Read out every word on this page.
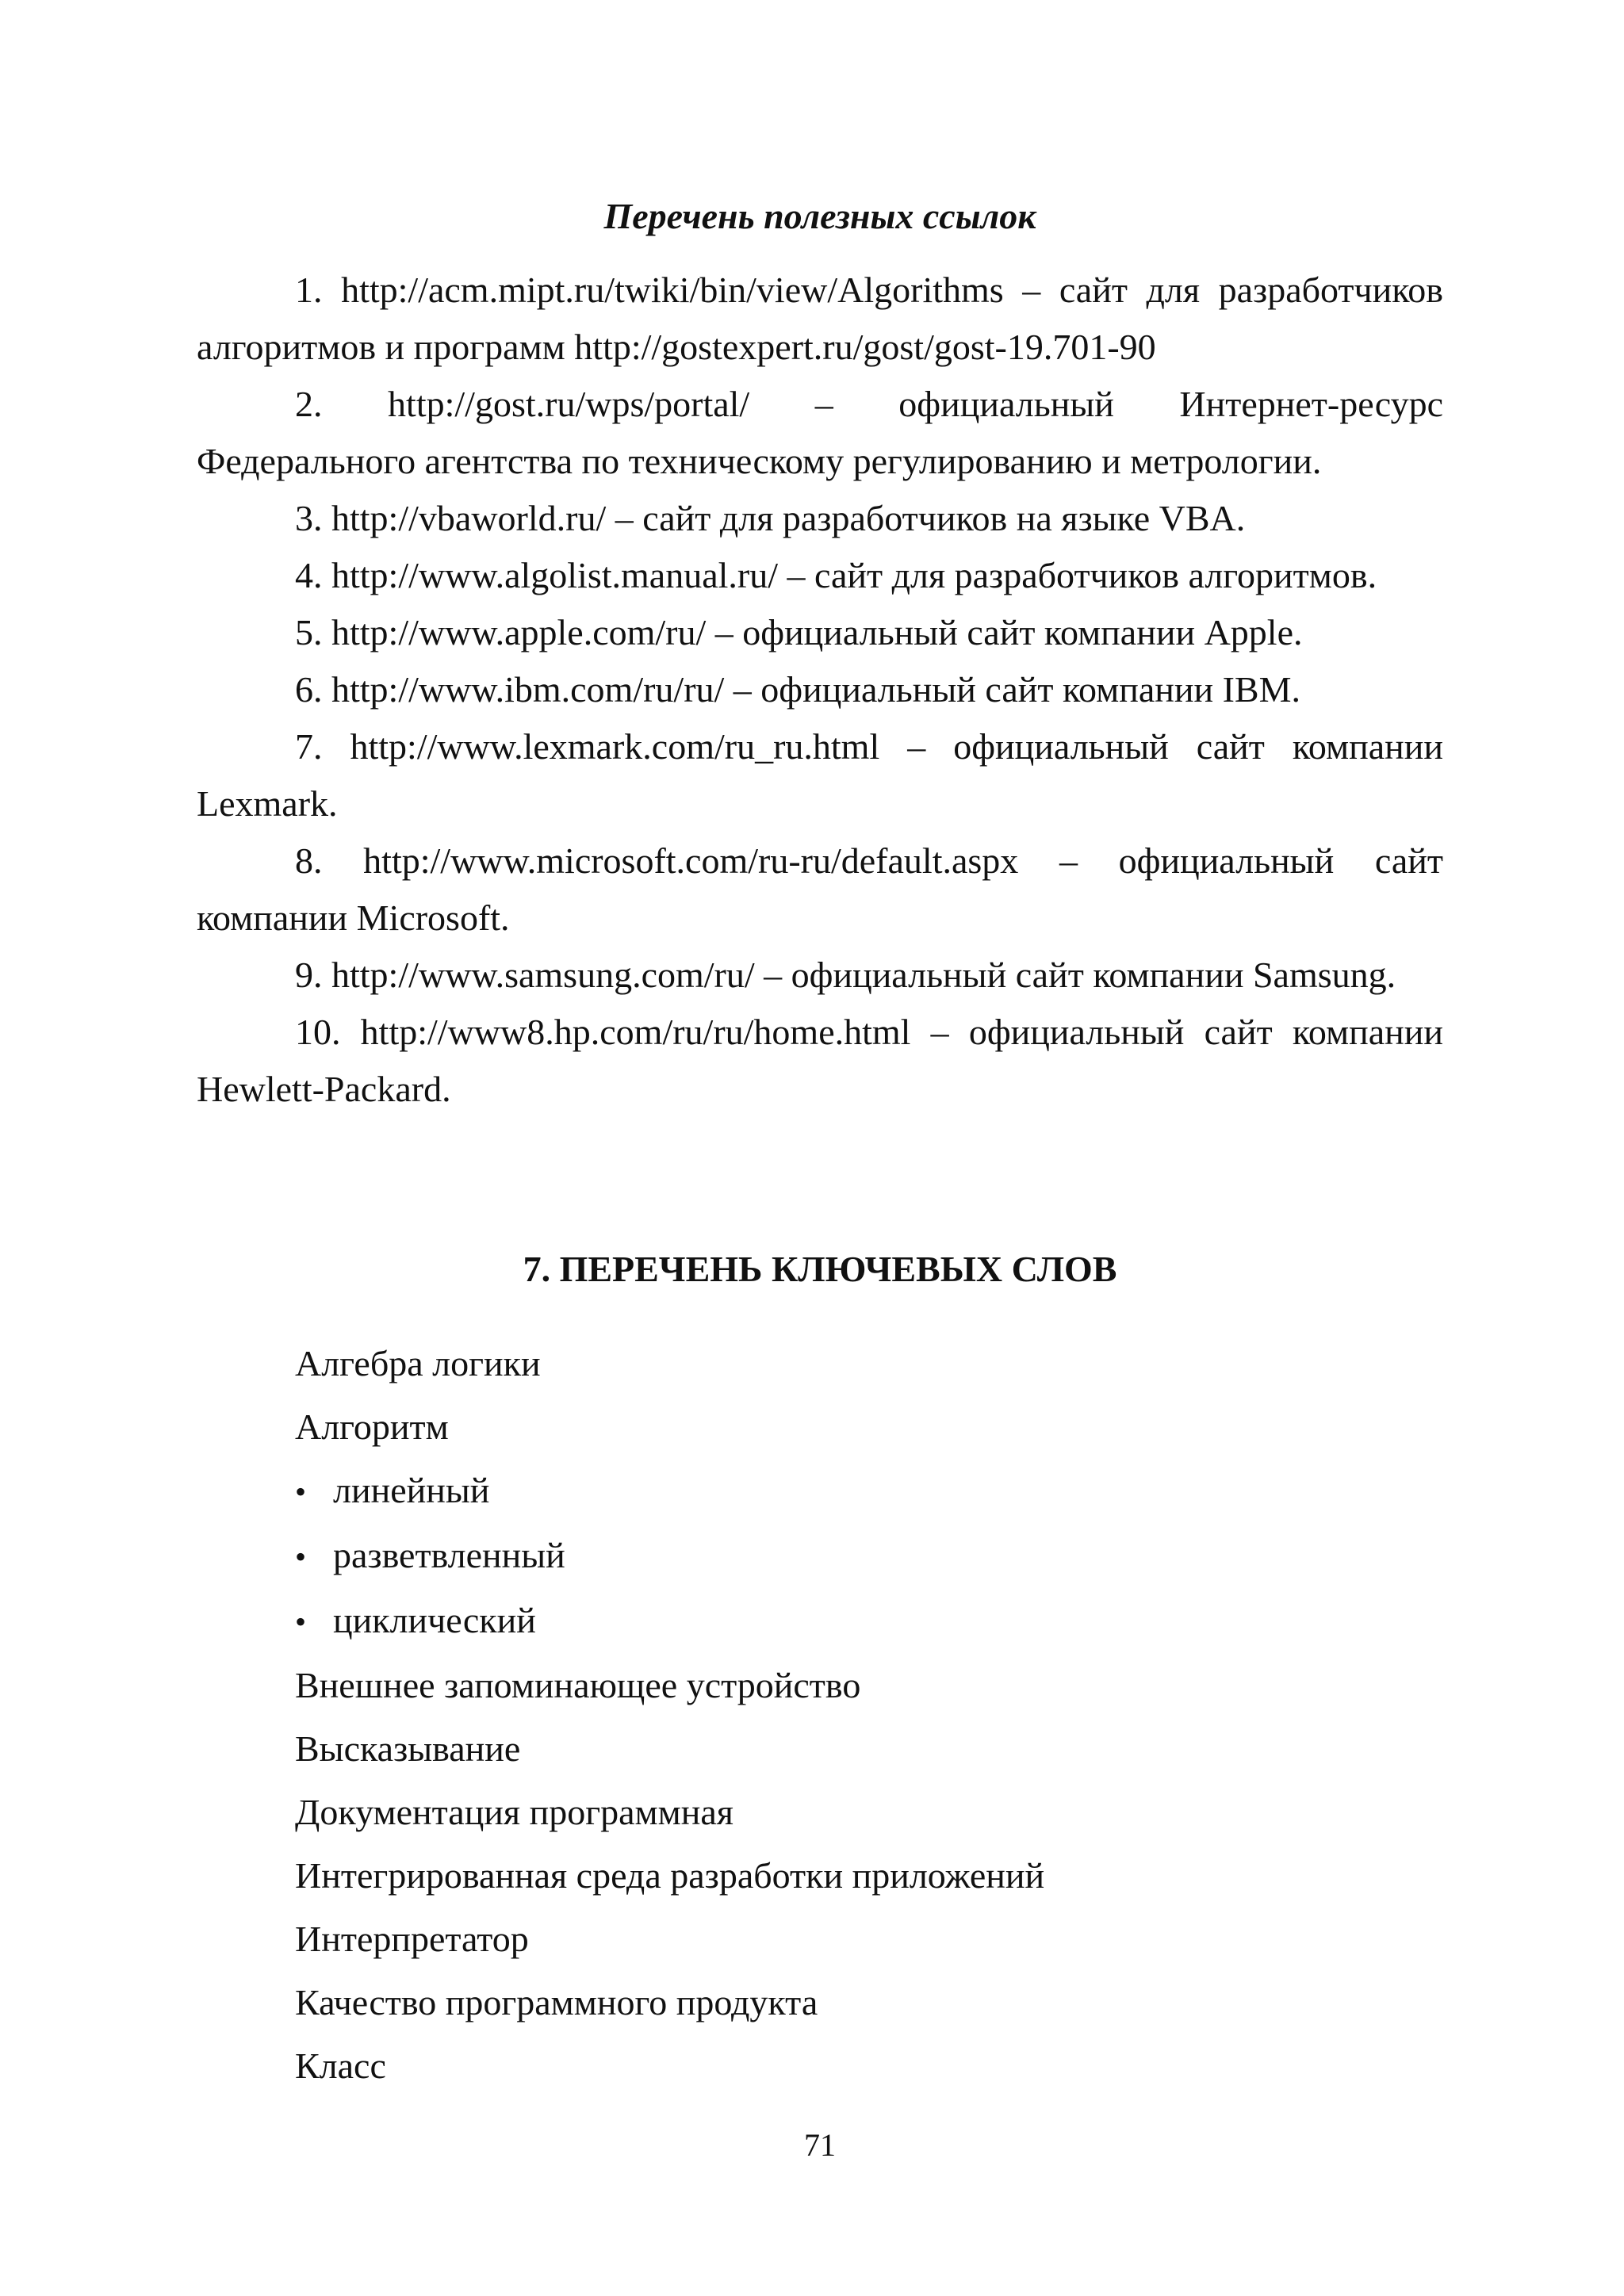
Перечень полезных ссылок

1. http://acm.mipt.ru/twiki/bin/view/Algorithms – сайт для разработчиков алгоритмов и программ http://gostexpert.ru/gost/gost-19.701-90

2. http://gost.ru/wps/portal/ – официальный Интернет-ресурс Федерального агентства по техническому регулированию и метрологии.

3. http://vbaworld.ru/ – сайт для разработчиков на языке VBA.

4. http://www.algolist.manual.ru/ – сайт для разработчиков алгоритмов.

5. http://www.apple.com/ru/ – официальный сайт компании Apple.

6. http://www.ibm.com/ru/ru/ – официальный сайт компании IBM.

7. http://www.lexmark.com/ru_ru.html – официальный сайт компании Lexmark.

8. http://www.microsoft.com/ru-ru/default.aspx – официальный сайт компании Microsoft.

9. http://www.samsung.com/ru/ – официальный сайт компании Samsung.

10. http://www8.hp.com/ru/ru/home.html – официальный сайт компании Hewlett-Packard.

7. ПЕРЕЧЕНЬ КЛЮЧЕВЫХ СЛОВ
Алгебра логики
Алгоритм
•линейный
•разветвленный
•циклический
Внешнее запоминающее устройство
Высказывание
Документация программная
Интегрированная среда разработки приложений
Интерпретатор
Качество программного продукта
Класс
71
